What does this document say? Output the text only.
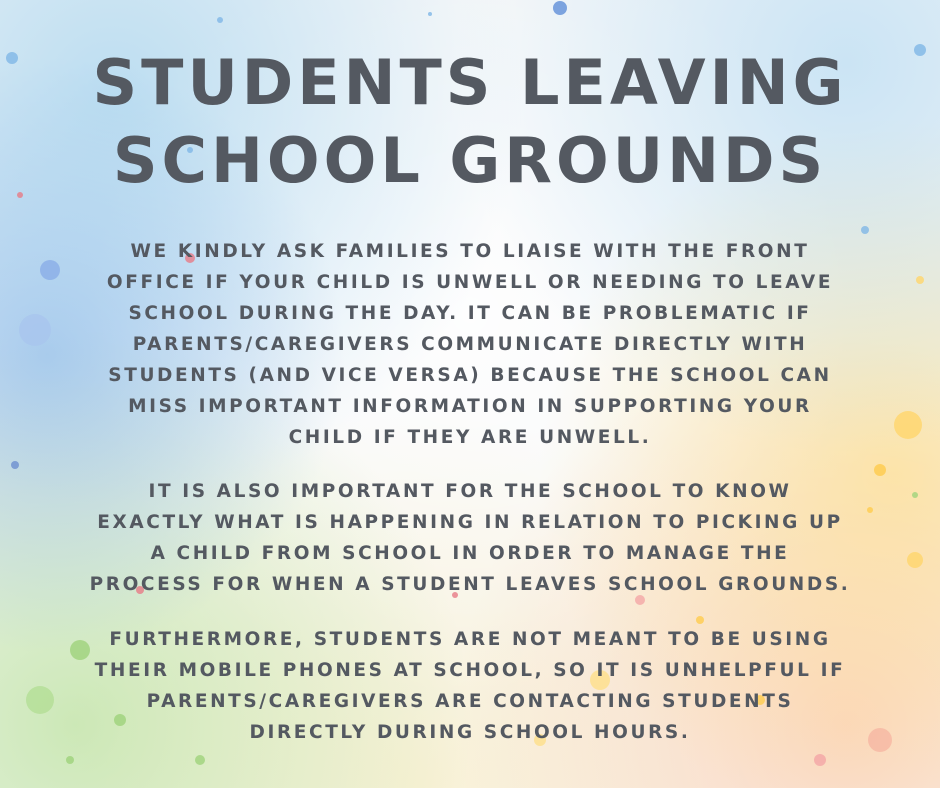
STUDENTS LEAVING
SCHOOL GROUNDS

WE KINDLY ASK FAMILIES TO LIAISE WITH THE FRONT
OFFICE IF YOUR CHILD IS UNWELL OR NEEDING TO LEAVE
SCHOOL DURING THE DAY. IT CAN BE PROBLEMATIC IF
PARENTS/CAREGIVERS COMMUNICATE DIRECTLY WITH
STUDENTS (AND VICE VERSA) BECAUSE THE SCHOOL CAN
MISS IMPORTANT INFORMATION IN SUPPORTING YOUR
CHILD IF THEY ARE UNWELL.

IT IS ALSO IMPORTANT FOR THE SCHOOL TO KNOW
EXACTLY WHAT IS HAPPENING IN RELATION TO PICKING UP
A CHILD FROM SCHOOL IN ORDER TO MANAGE THE
PROCESS FOR WHEN A STUDENT LEAVES SCHOOL GROUNDS.

FURTHERMORE, STUDENTS ARE NOT MEANT TO BE USING
THEIR MOBILE PHONES AT SCHOOL, SO IT IS UNHELPFUL IF
PARENTS/CAREGIVERS ARE CONTACTING STUDENTS
DIRECTLY DURING SCHOOL HOURS.
